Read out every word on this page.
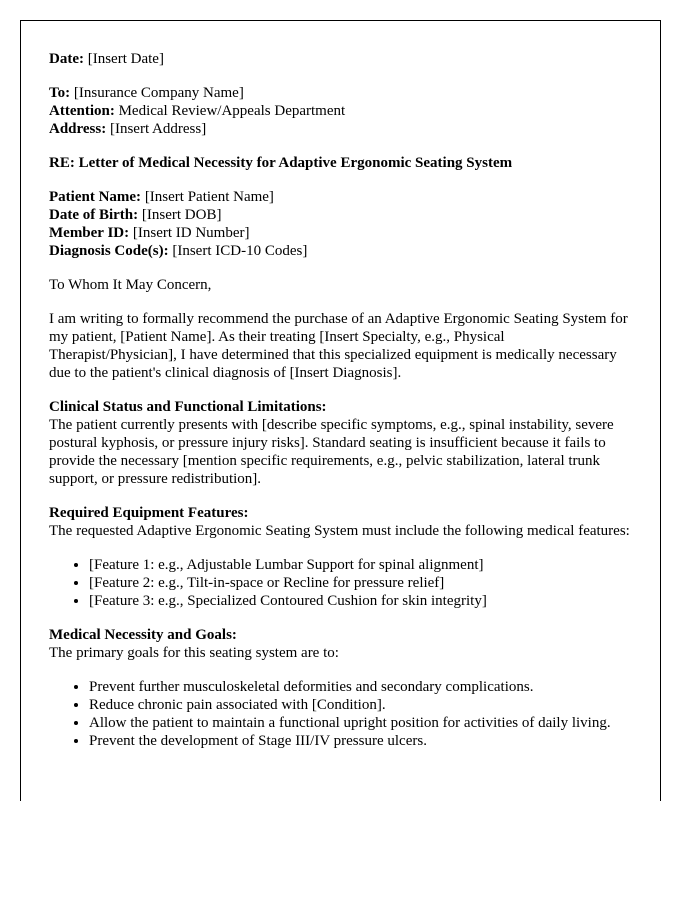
Date: [Insert Date]
To: [Insurance Company Name]
Attention: Medical Review/Appeals Department
Address: [Insert Address]
RE: Letter of Medical Necessity for Adaptive Ergonomic Seating System
Patient Name: [Insert Patient Name]
Date of Birth: [Insert DOB]
Member ID: [Insert ID Number]
Diagnosis Code(s): [Insert ICD-10 Codes]

To Whom It May Concern,

I am writing to formally recommend the purchase of an Adaptive Ergonomic Seating System for my patient, [Patient Name]. As their treating [Insert Specialty, e.g., Physical Therapist/Physician], I have determined that this specialized equipment is medically necessary due to the patient's clinical diagnosis of [Insert Diagnosis].

Clinical Status and Functional Limitations:
The patient currently presents with [describe specific symptoms, e.g., spinal instability, severe postural kyphosis, or pressure injury risks]. Standard seating is insufficient because it fails to provide the necessary [mention specific requirements, e.g., pelvic stabilization, lateral trunk support, or pressure redistribution].
Required Equipment Features:
The requested Adaptive Ergonomic Seating System must include the following medical features:
• [Feature 1: e.g., Adjustable Lumbar Support for spinal alignment]
• [Feature 2: e.g., Tilt-in-space or Recline for pressure relief]
• [Feature 3: e.g., Specialized Contoured Cushion for skin integrity]
Medical Necessity and Goals:
The primary goals for this seating system are to:
• Prevent further musculoskeletal deformities and secondary complications.
• Reduce chronic pain associated with [Condition].
• Allow the patient to maintain a functional upright position for activities of daily living.
• Prevent the development of Stage III/IV pressure ulcers.
